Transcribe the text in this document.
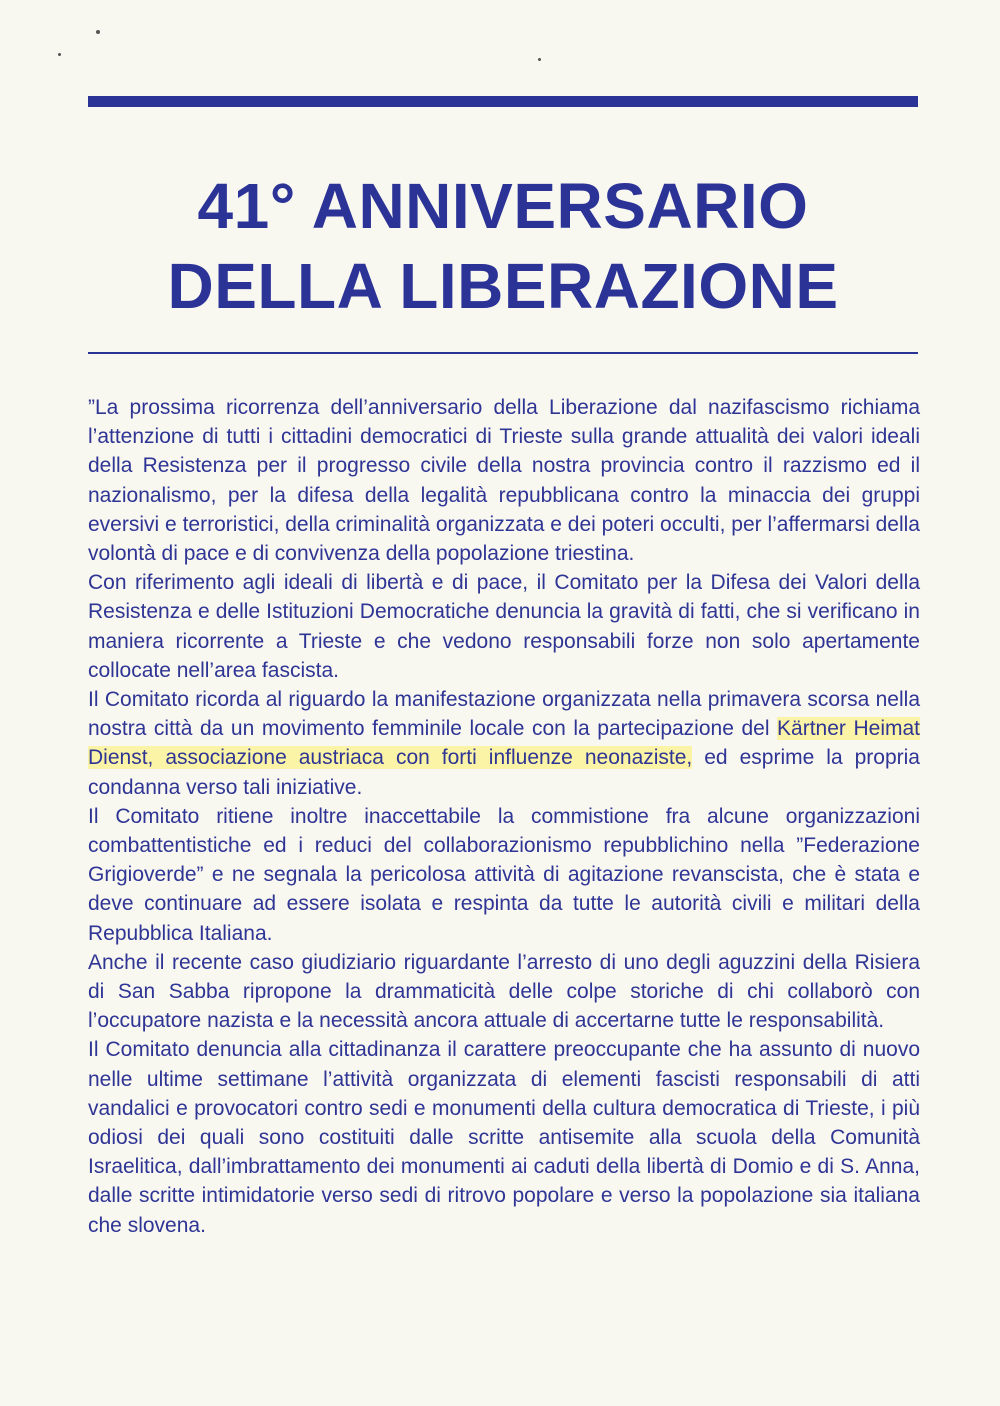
41° ANNIVERSARIO
DELLA LIBERAZIONE

”La prossima ricorrenza dell’anniversario della Liberazione dal nazifascismo richiama l’attenzione di tutti i cittadini democratici di Trieste sulla grande attualità dei valori ideali della Resistenza per il progresso civile della nostra provincia contro il razzismo ed il nazionalismo, per la difesa della legalità repubblicana contro la minaccia dei gruppi eversivi e terroristici, della criminalità organizzata e dei poteri occulti, per l’affermarsi della volontà di pace e di convivenza della popolazione triestina.

Con riferimento agli ideali di libertà e di pace, il Comitato per la Difesa dei Valori della Resistenza e delle Istituzioni Democratiche denuncia la gravità di fatti, che si verificano in maniera ricorrente a Trieste e che vedono responsabili forze non solo apertamente collocate nell’area fascista.

Il Comitato ricorda al riguardo la manifestazione organizzata nella primavera scorsa nella nostra città da un movimento femminile locale con la partecipazione del Kärtner Heimat Dienst, associazione austriaca con forti influenze neonaziste, ed esprime la propria condanna verso tali iniziative.

Il Comitato ritiene inoltre inaccettabile la commistione fra alcune organizzazioni combattentistiche ed i reduci del collaborazionismo repubblichino nella ”Federazione Grigioverde” e ne segnala la pericolosa attività di agitazione revanscista, che è stata e deve continuare ad essere isolata e respinta da tutte le autorità civili e militari della Repubblica Italiana.

Anche il recente caso giudiziario riguardante l’arresto di uno degli aguzzini della Risiera di San Sabba ripropone la drammaticità delle colpe storiche di chi collaborò con l’occupatore nazista e la necessità ancora attuale di accertarne tutte le responsabilità.

Il Comitato denuncia alla cittadinanza il carattere preoccupante che ha assunto di nuovo nelle ultime settimane l’attività organizzata di elementi fascisti responsabili di atti vandalici e provocatori contro sedi e monumenti della cultura democratica di Trieste, i più odiosi dei quali sono costituiti dalle scritte antisemite alla scuola della Comunità Israelitica, dall’imbrattamento dei monumenti ai caduti della libertà di Domio e di S. Anna, dalle scritte intimidatorie verso sedi di ritrovo popolare e verso la popolazione sia italiana che slovena.
